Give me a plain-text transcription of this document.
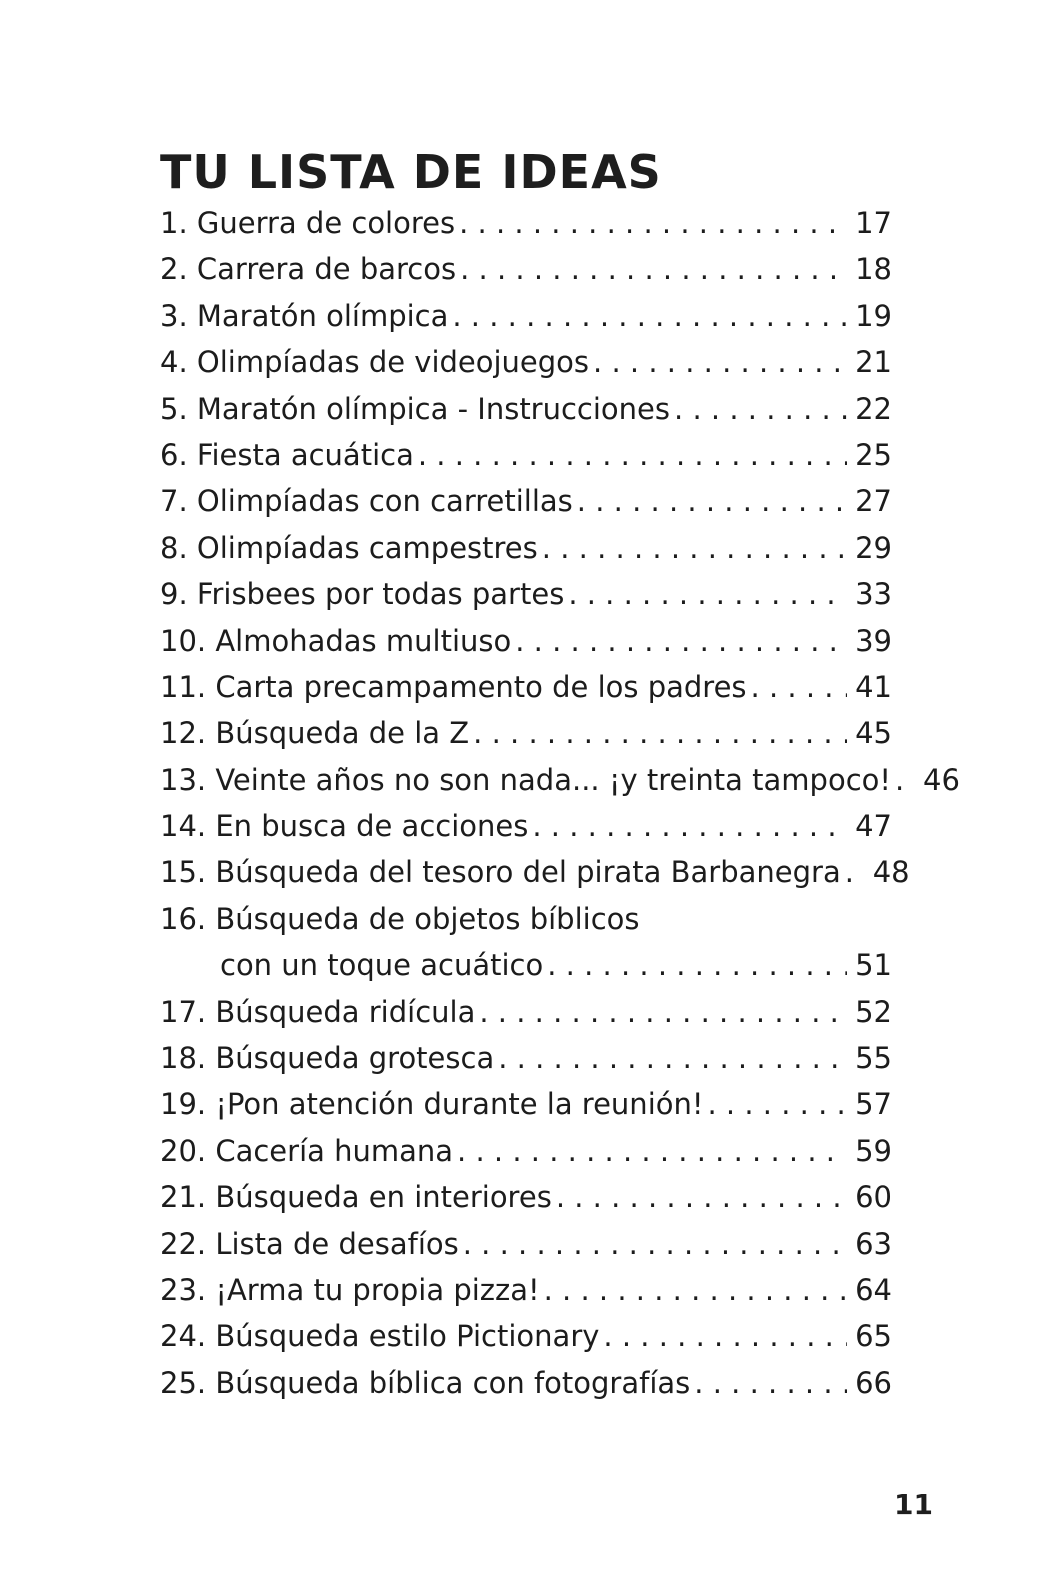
TU LISTA DE IDEAS
1. Guerra de colores . . .	17
2. Carrera de barcos . . .	18
3. Maratón olímpica . . .	19
4. Olimpíadas de videojuegos . . .	21
5. Maratón olímpica - Instrucciones . . .	22
6. Fiesta acuática . . .	25
7. Olimpíadas con carretillas . . .	27
8. Olimpíadas campestres . . .	29
9. Frisbees por todas partes . . .	33
10. Almohadas multiuso . . .	39
11. Carta precampamento de los padres . . .	41
12. Búsqueda de la Z . . .	45
13. Veinte años no son nada... ¡y treinta tampoco! . . . 46
14. En busca de acciones . . .	47
15. Búsqueda del tesoro del pirata Barbanegra . . . 48
16. Búsqueda de objetos bíblicos
con un toque acuático . . .	51
17. Búsqueda ridícula . . .	52
18. Búsqueda grotesca . . .	55
19. ¡Pon atención durante la reunión! . . .	57
20. Cacería humana . . .	59
21. Búsqueda en interiores . . .	60
22. Lista de desafíos . . .	63
23. ¡Arma tu propia pizza! . . .	64
24. Búsqueda estilo Pictionary . . .	65
25. Búsqueda bíblica con fotografías . . .	66
11
